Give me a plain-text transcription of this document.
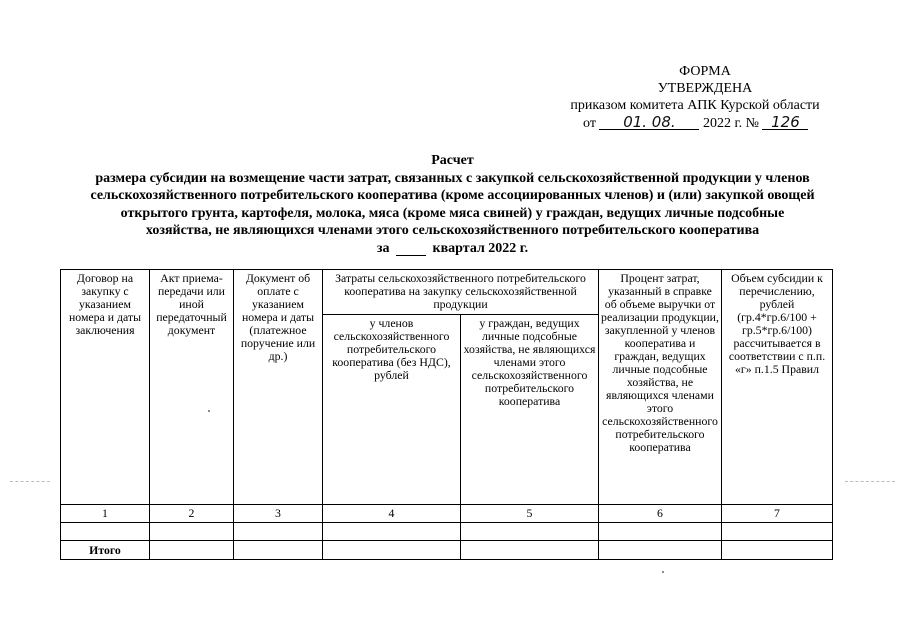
ФОРМА
УТВЕРЖДЕНА
приказом комитета АПК Курской области
от 01. 08. 2022 г. № 126
Расчет
размера субсидии на возмещение части затрат, связанных с закупкой сельскохозяйственной продукции у членов
сельскохозяйственного потребительского кооператива (кроме ассоциированных членов) и (или) закупкой овощей
открытого грунта, картофеля, молока, мяса (кроме мяса свиней) у граждан, ведущих личные подсобные
хозяйства, не являющихся членами этого сельскохозяйственного потребительского кооператива
за	квартал 2022 г.
Договор на закупку с указанием номера и даты заключения	Акт приема-передачи или иной передаточный документ	Документ об оплате с указанием номера и даты (платежное поручение или др.)	Затраты сельскохозяйственного потребительского кооператива на закупку сельскохозяйственной продукции		Процент затрат, указанный в справке об объеме выручки от реализации продукции, закупленной у членов кооператива и граждан, ведущих личные подсобные хозяйства, не являющихся членами этого сельскохозяйственного потребительского кооператива	Объем субсидии к перечислению, рублей (гр.4*гр.6/100 + гр.5*гр.6/100) рассчитывается в соответствии с п.п. «г» п.1.5 Правил
			у членов сельскохозяйственного потребительского кооператива (без НДС), рублей	у граждан, ведущих личные подсобные хозяйства, не являющихся членами этого сельскохозяйственного потребительского кооператива		
1	2	3	4	5	6	7

Итого						
